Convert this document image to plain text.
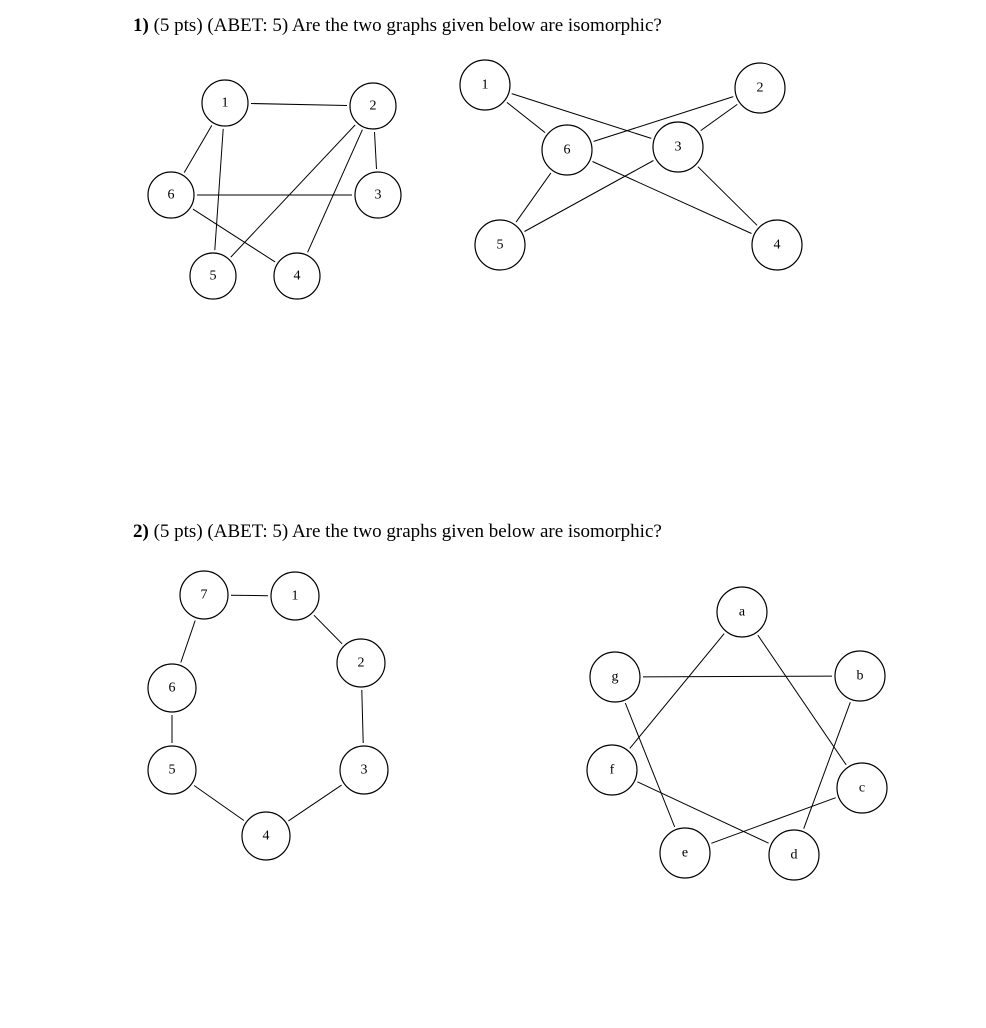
1) (5 pts) (ABET: 5) Are the two graphs given below are isomorphic?

1	2
3
4
5
6
1	2
3
4
5
6

2) (5 pts) (ABET: 5) Are the two graphs given below are isomorphic?

1
2
3
4
5
6
7
a
b
c
d
e
f
g
